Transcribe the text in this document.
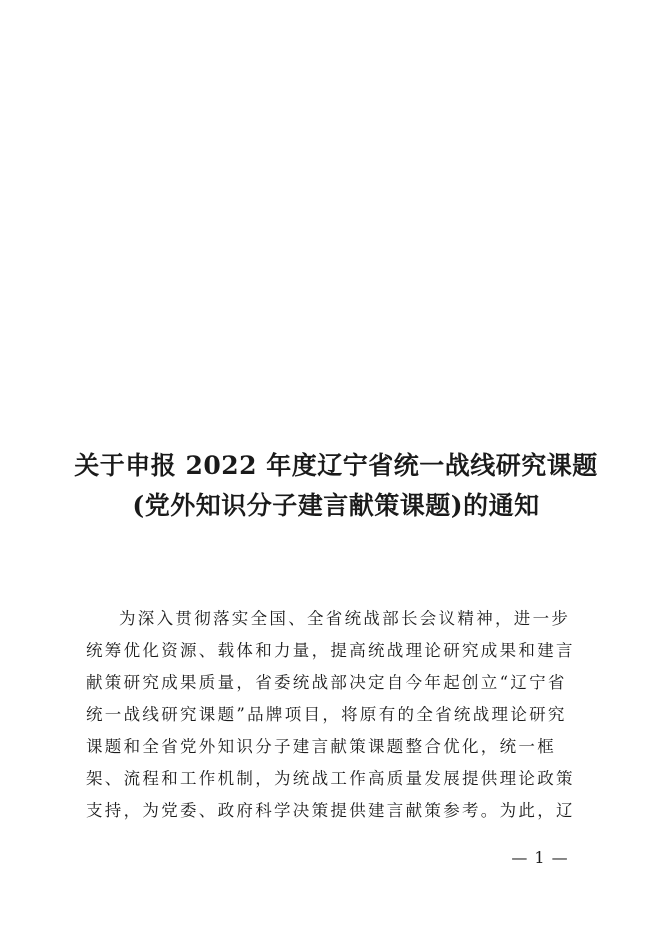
关于申报 2022 年度辽宁省统一战线研究课题
(党外知识分子建言献策课题)的通知
为深入贯彻落实全国、全省统战部长会议精神，进一步
统筹优化资源、载体和力量，提高统战理论研究成果和建言
献策研究成果质量，省委统战部决定自今年起创立“辽宁省
统一战线研究课题”品牌项目，将原有的全省统战理论研究
课题和全省党外知识分子建言献策课题整合优化，统一框
架、流程和工作机制，为统战工作高质量发展提供理论政策
支持，为党委、政府科学决策提供建言献策参考。为此，辽
— 1 —
